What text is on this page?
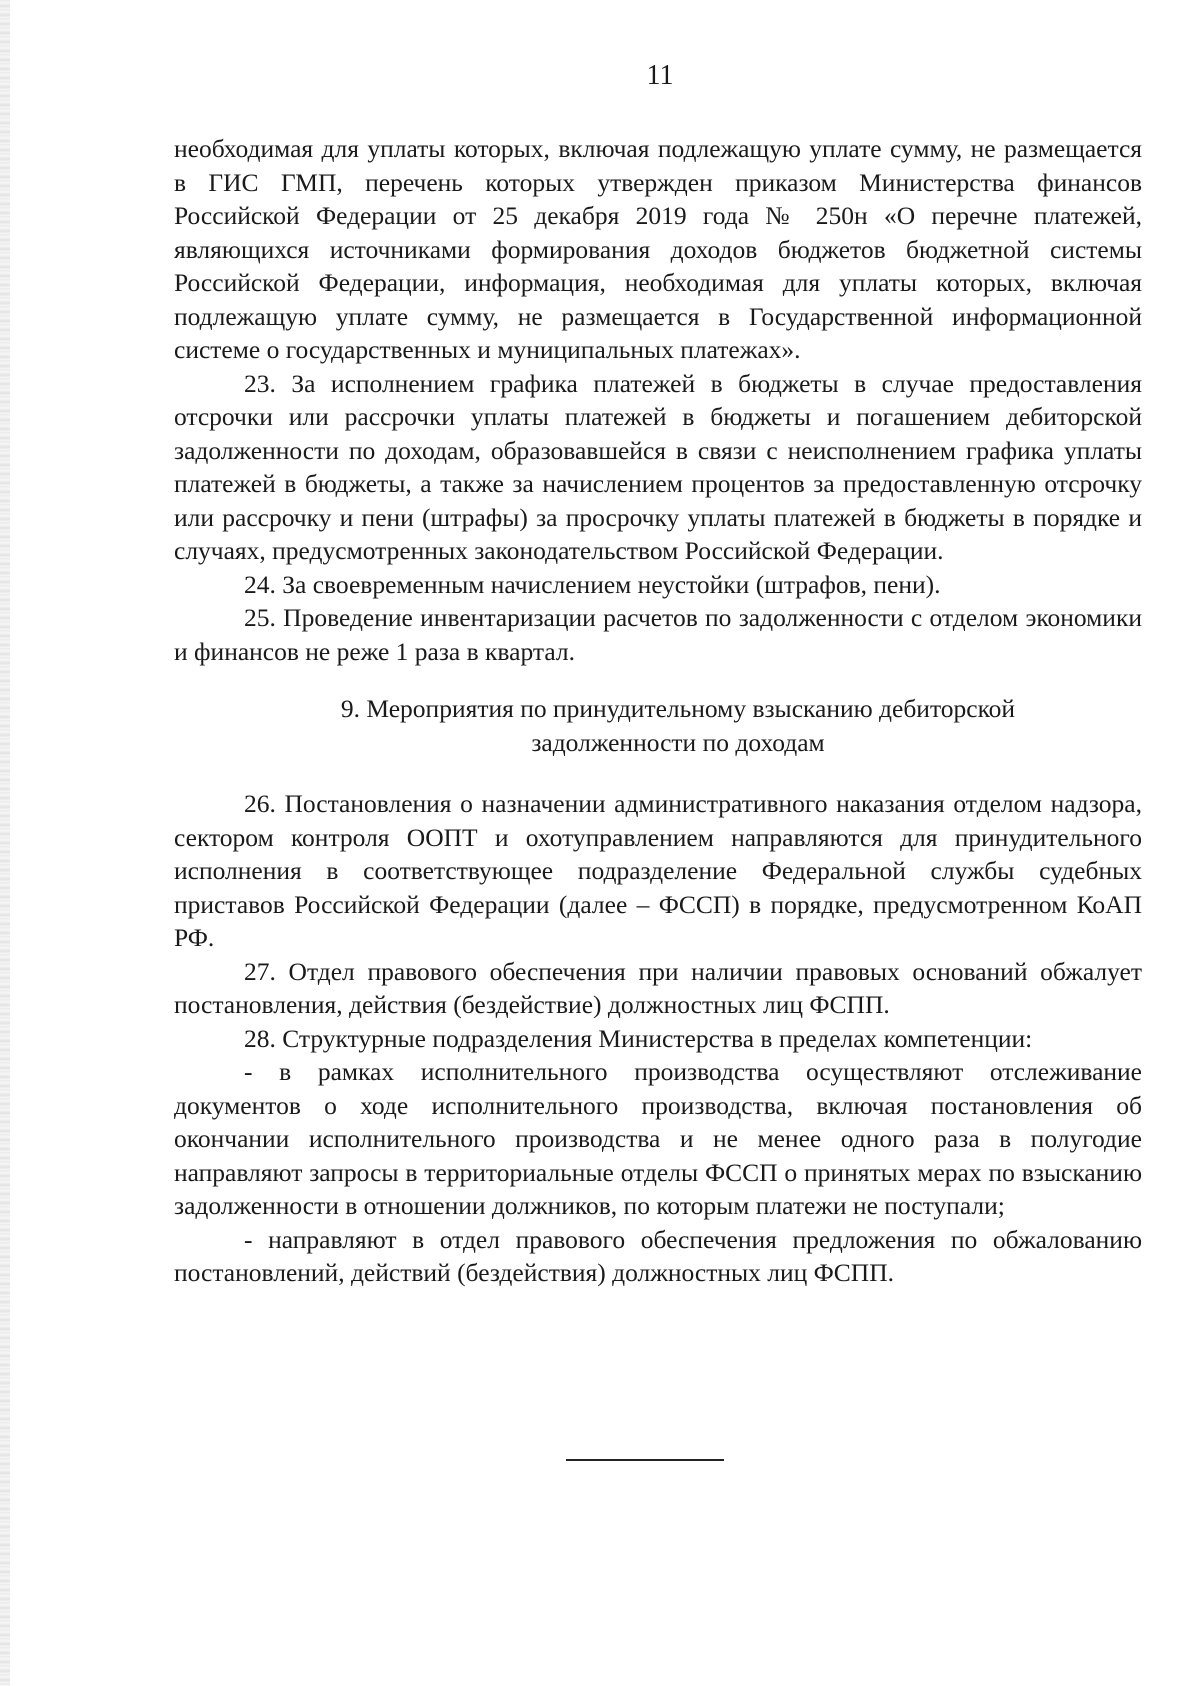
11

необходимая для уплаты которых, включая подлежащую уплате сумму, не размещается в ГИС ГМП, перечень которых утвержден приказом Министерства финансов Российской Федерации от 25 декабря 2019 года № 250н «О перечне платежей, являющихся источниками формирования доходов бюджетов бюджетной системы Российской Федерации, информация, необходимая для уплаты которых, включая подлежащую уплате сумму, не размещается в Государственной информационной системе о государственных и муниципальных платежах».

23. За исполнением графика платежей в бюджеты в случае предоставления отсрочки или рассрочки уплаты платежей в бюджеты и погашением дебиторской задолженности по доходам, образовавшейся в связи с неисполнением графика уплаты платежей в бюджеты, а также за начислением процентов за предоставленную отсрочку или рассрочку и пени (штрафы) за просрочку уплаты платежей в бюджеты в порядке и случаях, предусмотренных законодательством Российской Федерации.

24. За своевременным начислением неустойки (штрафов, пени).

25. Проведение инвентаризации расчетов по задолженности с отделом экономики и финансов не реже 1 раза в квартал.

9. Мероприятия по принудительному взысканию дебиторской
задолженности по доходам

26. Постановления о назначении административного наказания отделом надзора, сектором контроля ООПТ и охотуправлением направляются для принудительного исполнения в соответствующее подразделение Федеральной службы судебных приставов Российской Федерации (далее – ФССП) в порядке, предусмотренном КоАП РФ.

27. Отдел правового обеспечения при наличии правовых оснований обжалует постановления, действия (бездействие) должностных лиц ФСПП.

28. Структурные подразделения Министерства в пределах компетенции:

- в рамках исполнительного производства осуществляют отслеживание документов о ходе исполнительного производства, включая постановления об окончании исполнительного производства и не менее одного раза в полугодие направляют запросы в территориальные отделы ФССП о принятых мерах по взысканию задолженности в отношении должников, по которым платежи не поступали;

- направляют в отдел правового обеспечения предложения по обжалованию постановлений, действий (бездействия) должностных лиц ФСПП.
